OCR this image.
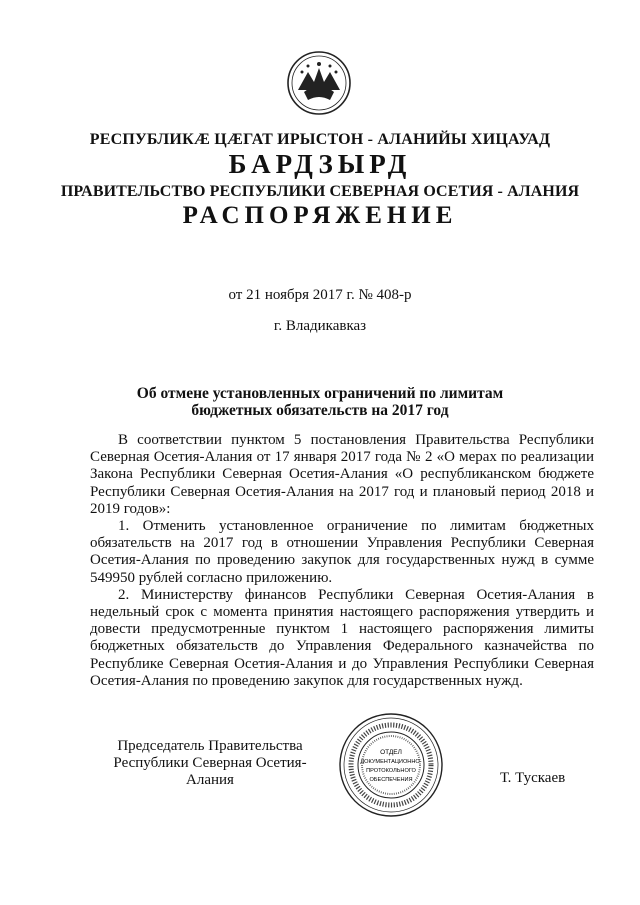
РЕСПУБЛИКÆ ЦÆГАТ ИРЫСТОН - АЛАНИЙЫ ХИЦАУАД
БАРДЗЫРД
ПРАВИТЕЛЬСТВО РЕСПУБЛИКИ СЕВЕРНАЯ ОСЕТИЯ - АЛАНИЯ
РАСПОРЯЖЕНИЕ
от 21 ноября 2017 г. № 408-р
г. Владикавказ
Об отмене установленных ограничений по лимитам
бюджетных обязательств на 2017 год

В соответствии пунктом 5 постановления Правительства Республики Северная Осетия-Алания от 17 января 2017 года № 2 «О мерах по реализации Закона Республики Северная Осетия-Алания «О республиканском бюджете Республики Северная Осетия-Алания на 2017 год и плановый период 2018 и 2019 годов»:

1. Отменить установленное ограничение по лимитам бюджетных обязательств на 2017 год в отношении Управления Республики Северная Осетия-Алания по проведению закупок для государственных нужд в сумме 549950 рублей согласно приложению.

2. Министерству финансов Республики Северная Осетия-Алания в недельный срок с момента принятия настоящего распоряжения утвердить и довести предусмотренные пунктом 1 настоящего распоряжения лимиты бюджетных обязательств до Управления Федерального казначейства по Республике Северная Осетия-Алания и до Управления Республики Северная Осетия-Алания по проведению закупок для государственных нужд.

Председатель Правительства
Республики Северная Осетия-Алания
ОТДЕЛ
ДОКУМЕНТАЦИОННО-
ПРОТОКОЛЬНОГО
ОБЕСПЕЧЕНИЯ	Т. Тускаев
